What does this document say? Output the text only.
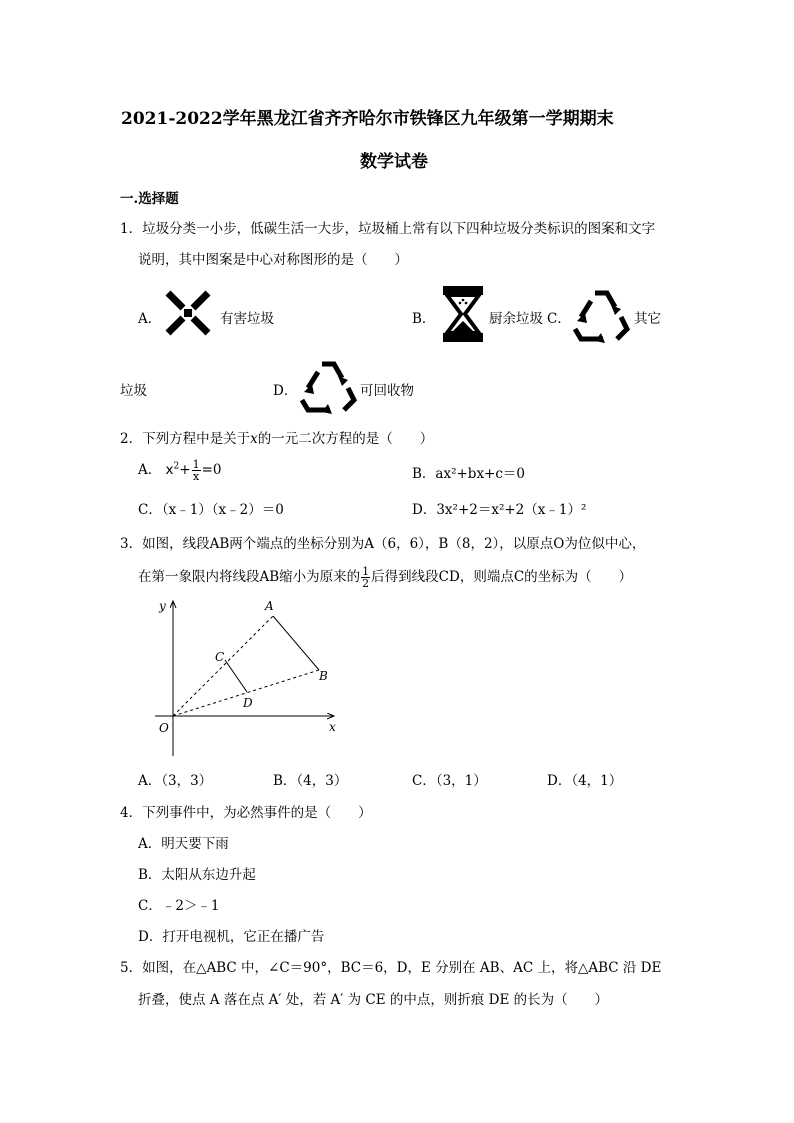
2021-2022学年黑龙江省齐齐哈尔市铁锋区九年级第一学期期末
数学试卷
一.选择题
1．垃圾分类一小步，低碳生活一大步，垃圾桶上常有以下四种垃圾分类标识的图案和文字
说明，其中图案是中心对称图形的是（　　）
A．	有害垃圾	B．	厨余垃圾 C．	其它
垃圾	D．	可回收物
2．下列方程中是关于x的一元二次方程的是（　　）
A． $x^2+ \frac{1}{x} =0$	B．ax²+bx+c＝0
C．（x﹣1）（x﹣2）＝0	D．3x²+2＝x²+2（x﹣1）²
3．如图，线段AB两个端点的坐标分别为A（6，6），B（8，2），以原点O为位似中心，
在第一象限内将线段AB缩小为原来的 $\frac{1}{2}$ 后得到线段CD，则端点C的坐标为（　　）
y
x
O
A
B
C
D
A．（3，3）	B．（4，3）	C．（3，1）	D．（4，1）
4．下列事件中，为必然事件的是（　　）
A．明天要下雨
B．太阳从东边升起
C．﹣2＞﹣1
D．打开电视机，它正在播广告
5．如图，在△ABC 中，∠C＝90°，BC＝6，D，E 分别在 AB、AC 上，将△ABC 沿 DE
折叠，使点 A 落在点 A′ 处，若 A′ 为 CE 的中点，则折痕 DE 的长为（　　）
